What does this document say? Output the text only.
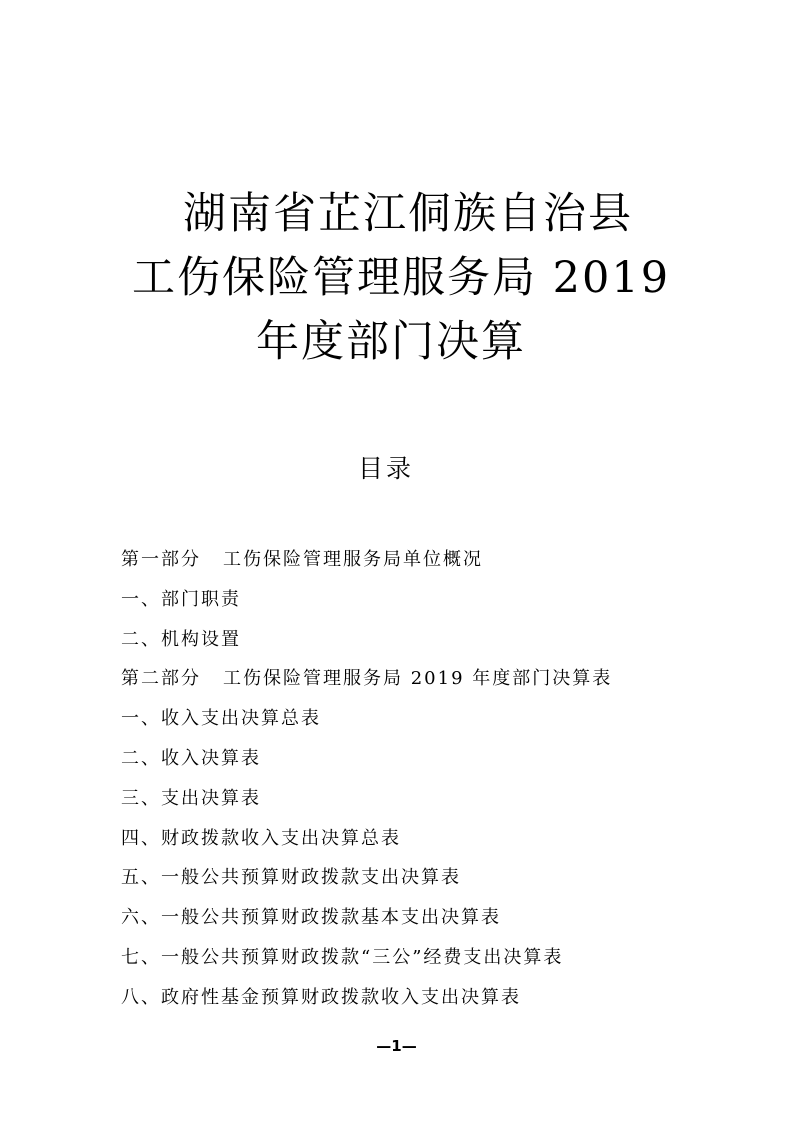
湖南省芷江侗族自治县
工伤保险管理服务局 2019
年度部门决算
目录
第一部分 工伤保险管理服务局单位概况
一、部门职责
二、机构设置
第二部分 工伤保险管理服务局 2019 年度部门决算表
一、收入支出决算总表
二、收入决算表
三、支出决算表
四、财政拨款收入支出决算总表
五、一般公共预算财政拨款支出决算表
六、一般公共预算财政拨款基本支出决算表
七、一般公共预算财政拨款“三公”经费支出决算表
八、政府性基金预算财政拨款收入支出决算表
—1—
